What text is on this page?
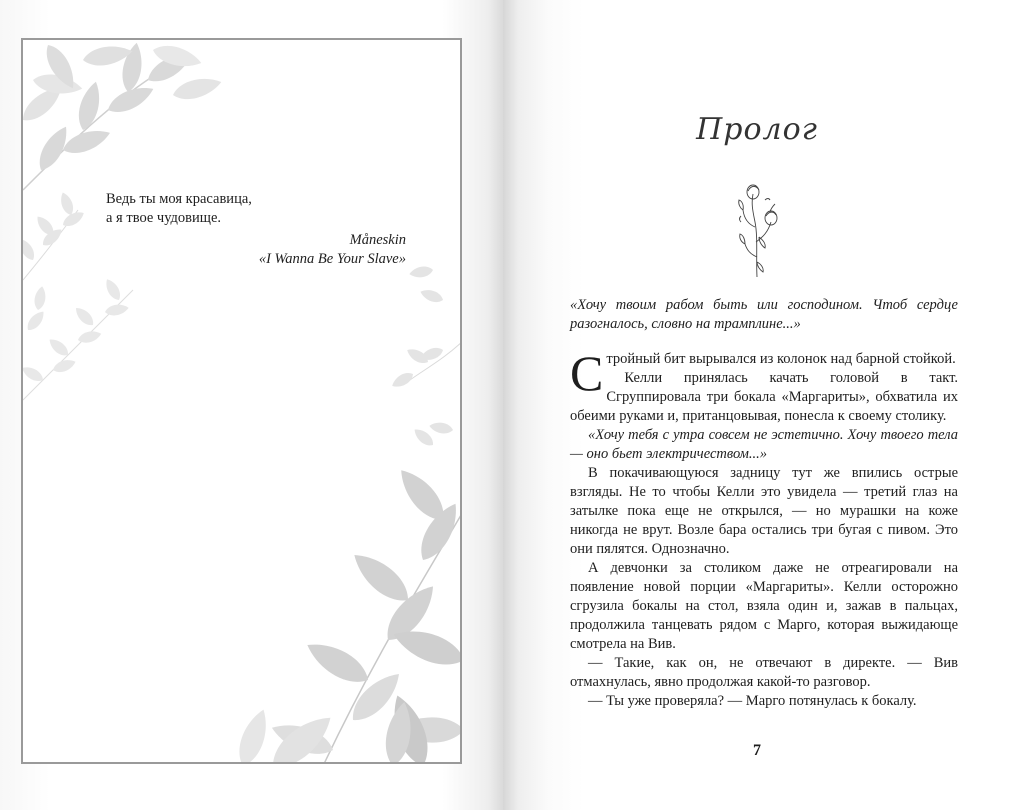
Ведь ты моя красавица,
а я твое чудовище.
Måneskin
«I Wanna Be Your Slave»
Пролог

«Хочу твоим рабом быть или господином. Чтоб сердце разогналось, словно на трамплине...»

Стройный бит вырывался из колонок над барной стойкой.

Келли принялась качать головой в такт. Сгруппировала три бокала «Маргариты», обхватила их обеими руками и, пританцовывая, понесла к своему столику.

«Хочу тебя с утра совсем не эстетично. Хочу твоего тела — оно бьет электричеством...»

В покачивающуюся задницу тут же впились острые взгляды. Не то чтобы Келли это увидела — третий глаз на затылке пока еще не открылся, — но мурашки на коже никогда не врут. Возле бара остались три бугая с пивом. Это они пялятся. Однозначно.

А девчонки за столиком даже не отреагировали на появление новой порции «Маргариты». Келли осторожно сгрузила бокалы на стол, взяла один и, зажав в пальцах, продолжила танцевать рядом с Марго, которая выжидающе смотрела на Вив.

— Такие, как он, не отвечают в директе. — Вив отмахнулась, явно продолжая какой-то разговор.

— Ты уже проверяла? — Марго потянулась к бокалу.

7
